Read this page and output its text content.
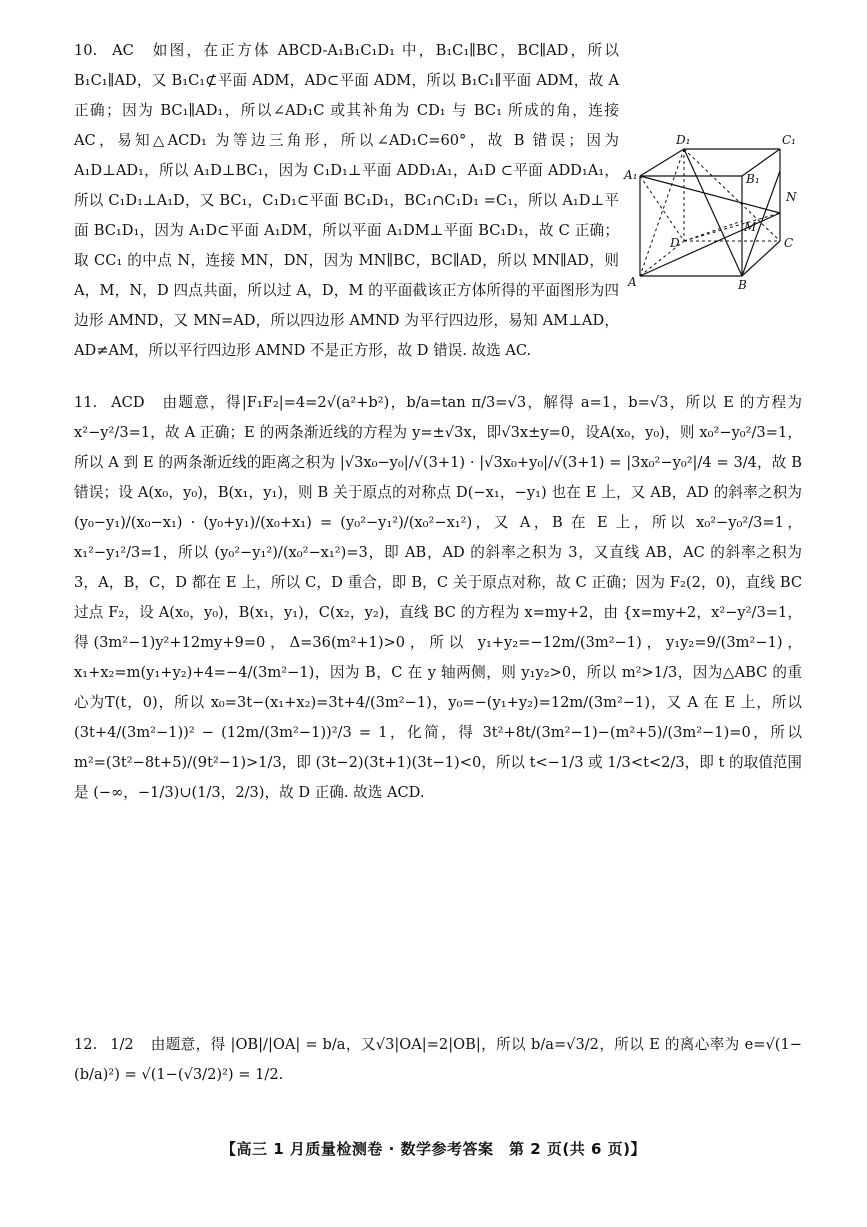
10. AC 如图，在正方体 ABCD-A₁B₁C₁D₁ 中，B₁C₁∥BC，BC∥AD，所以 B₁C₁∥AD，又 B₁C₁⊄平面 ADM，AD⊂平面 ADM，所以 B₁C₁∥平面 ADM，故 A 正确；因为 BC₁∥AD₁，所以∠AD₁C 或其补角为 CD₁ 与 BC₁ 所成的角，连接 AC，易知△ACD₁ 为等边三角形，所以∠AD₁C=60°，故 B 错误；因为 A₁D⊥AD₁，所以 A₁D⊥BC₁，因为 C₁D₁⊥平面 ADD₁A₁，A₁D ⊂平面 ADD₁A₁，所以 C₁D₁⊥A₁D，又 BC₁，C₁D₁⊂平面 BC₁D₁，BC₁∩C₁D₁ =C₁，所以 A₁D⊥平面 BC₁D₁，因为 A₁D⊂平面 A₁DM，所以平面 A₁DM⊥平面 BC₁D₁，故 C 正确；取 CC₁ 的中点 N，连接 MN，DN，因为 MN∥BC，BC∥AD，所以 MN∥AD，则 A，M，N，D 四点共面，所以过 A，D，M 的平面截该正方体所得的平面图形为四边形 AMND，又 MN=AD，所以四边形 AMND 为平行四边形，易知 AM⊥AD，AD≠AM，所以平行四边形 AMND 不是正方形，故 D 错误. 故选 AC.
D₁	C₁
A₁	B₁
N
M
D	C
A	B
11. ACD 由题意，得|F₁F₂|=4=2√(a²+b²)，b/a=tan π/3=√3，解得 a=1，b=√3，所以 E 的方程为 x²−y²/3=1，故 A 正确；E 的两条渐近线的方程为 y=±√3x，即√3x±y=0，设A(x₀，y₀)，则 x₀²−y₀²/3=1，所以 A 到 E 的两条渐近线的距离之积为 |√3x₀−y₀|/√(3+1) · |√3x₀+y₀|/√(3+1) = |3x₀²−y₀²|/4 = 3/4，故 B 错误；设 A(x₀，y₀)，B(x₁，y₁)，则 B 关于原点的对称点 D(−x₁，−y₁) 也在 E 上，又 AB，AD 的斜率之积为 (y₀−y₁)/(x₀−x₁) · (y₀+y₁)/(x₀+x₁) = (y₀²−y₁²)/(x₀²−x₁²)，又 A，B 在 E 上，所以 x₀²−y₀²/3=1，x₁²−y₁²/3=1，所以 (y₀²−y₁²)/(x₀²−x₁²)=3，即 AB，AD 的斜率之积为 3，又直线 AB，AC 的斜率之积为 3，A，B，C，D 都在 E 上，所以 C，D 重合，即 B，C 关于原点对称，故 C 正确；因为 F₂(2，0)，直线 BC 过点 F₂，设 A(x₀，y₀)，B(x₁，y₁)，C(x₂，y₂)，直线 BC 的方程为 x=my+2，由 {x=my+2，x²−y²/3=1，得(3m²−1)y²+12my+9=0，Δ=36(m²+1)>0，所以 y₁+y₂=−12m/(3m²−1)，y₁y₂=9/(3m²−1)，x₁+x₂=m(y₁+y₂)+4=−4/(3m²−1)，因为 B，C 在 y 轴两侧，则 y₁y₂>0，所以 m²>1/3，因为△ABC 的重心为T(t，0)，所以 x₀=3t−(x₁+x₂)=3t+4/(3m²−1)，y₀=−(y₁+y₂)=12m/(3m²−1)，又 A 在 E 上，所以 (3t+4/(3m²−1))² − (12m/(3m²−1))²/3 = 1，化简，得 3t²+8t/(3m²−1)−(m²+5)/(3m²−1)=0，所以 m²=(3t²−8t+5)/(9t²−1)>1/3，即 (3t−2)(3t+1)(3t−1)<0，所以 t<−1/3 或 1/3<t<2/3，即 t 的取值范围是 (−∞，−1/3)∪(1/3，2/3)，故 D 正确. 故选 ACD.
12. 1/2 由题意，得 |OB|/|OA| = b/a，又√3|OA|=2|OB|，所以 b/a=√3/2，所以 E 的离心率为 e=√(1−(b/a)²) = √(1−(√3/2)²) = 1/2.
【高三 1 月质量检测卷 · 数学参考答案　第 2 页(共 6 页)】
